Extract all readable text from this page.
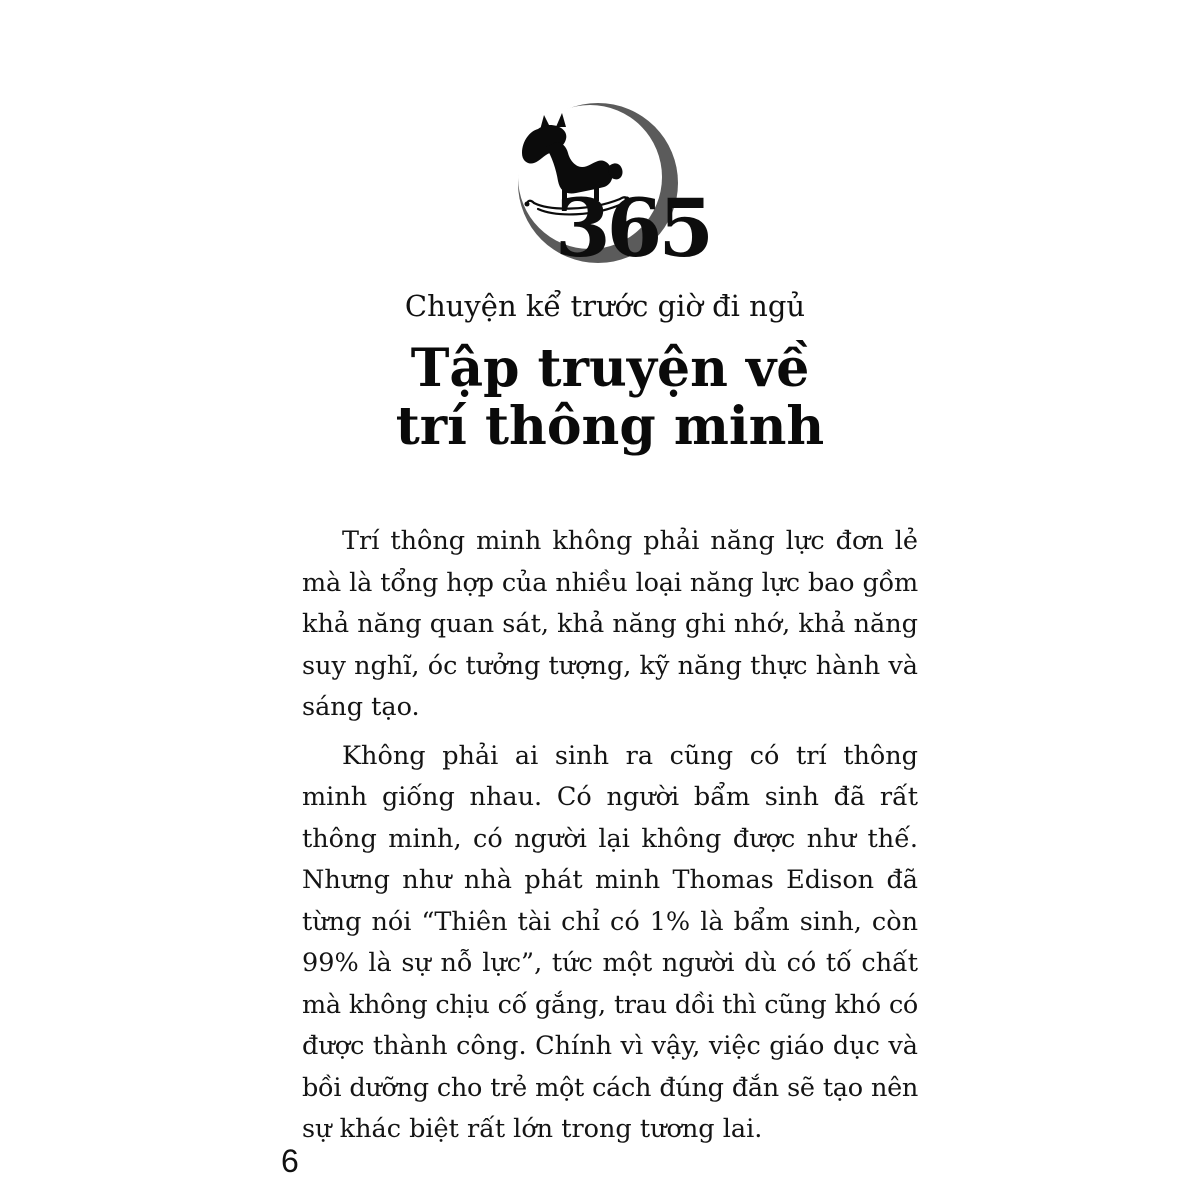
365
Chuyện kể trước giờ đi ngủ
Tập truyện về
trí thông minh

Trí thông minh không phải năng lực đơn lẻ
mà là tổng hợp của nhiều loại năng lực bao gồm
khả năng quan sát, khả năng ghi nhớ, khả năng
suy nghĩ, óc tưởng tượng, kỹ năng thực hành và
sáng tạo.

Không phải ai sinh ra cũng có trí thông
minh giống nhau. Có người bẩm sinh đã rất
thông minh, có người lại không được như thế.
Nhưng như nhà phát minh Thomas Edison đã
từng nói “Thiên tài chỉ có 1% là bẩm sinh, còn
99% là sự nỗ lực”, tức một người dù có tố chất
mà không chịu cố gắng, trau dồi thì cũng khó có
được thành công. Chính vì vậy, việc giáo dục và
bồi dưỡng cho trẻ một cách đúng đắn sẽ tạo nên
sự khác biệt rất lớn trong tương lai.

6
